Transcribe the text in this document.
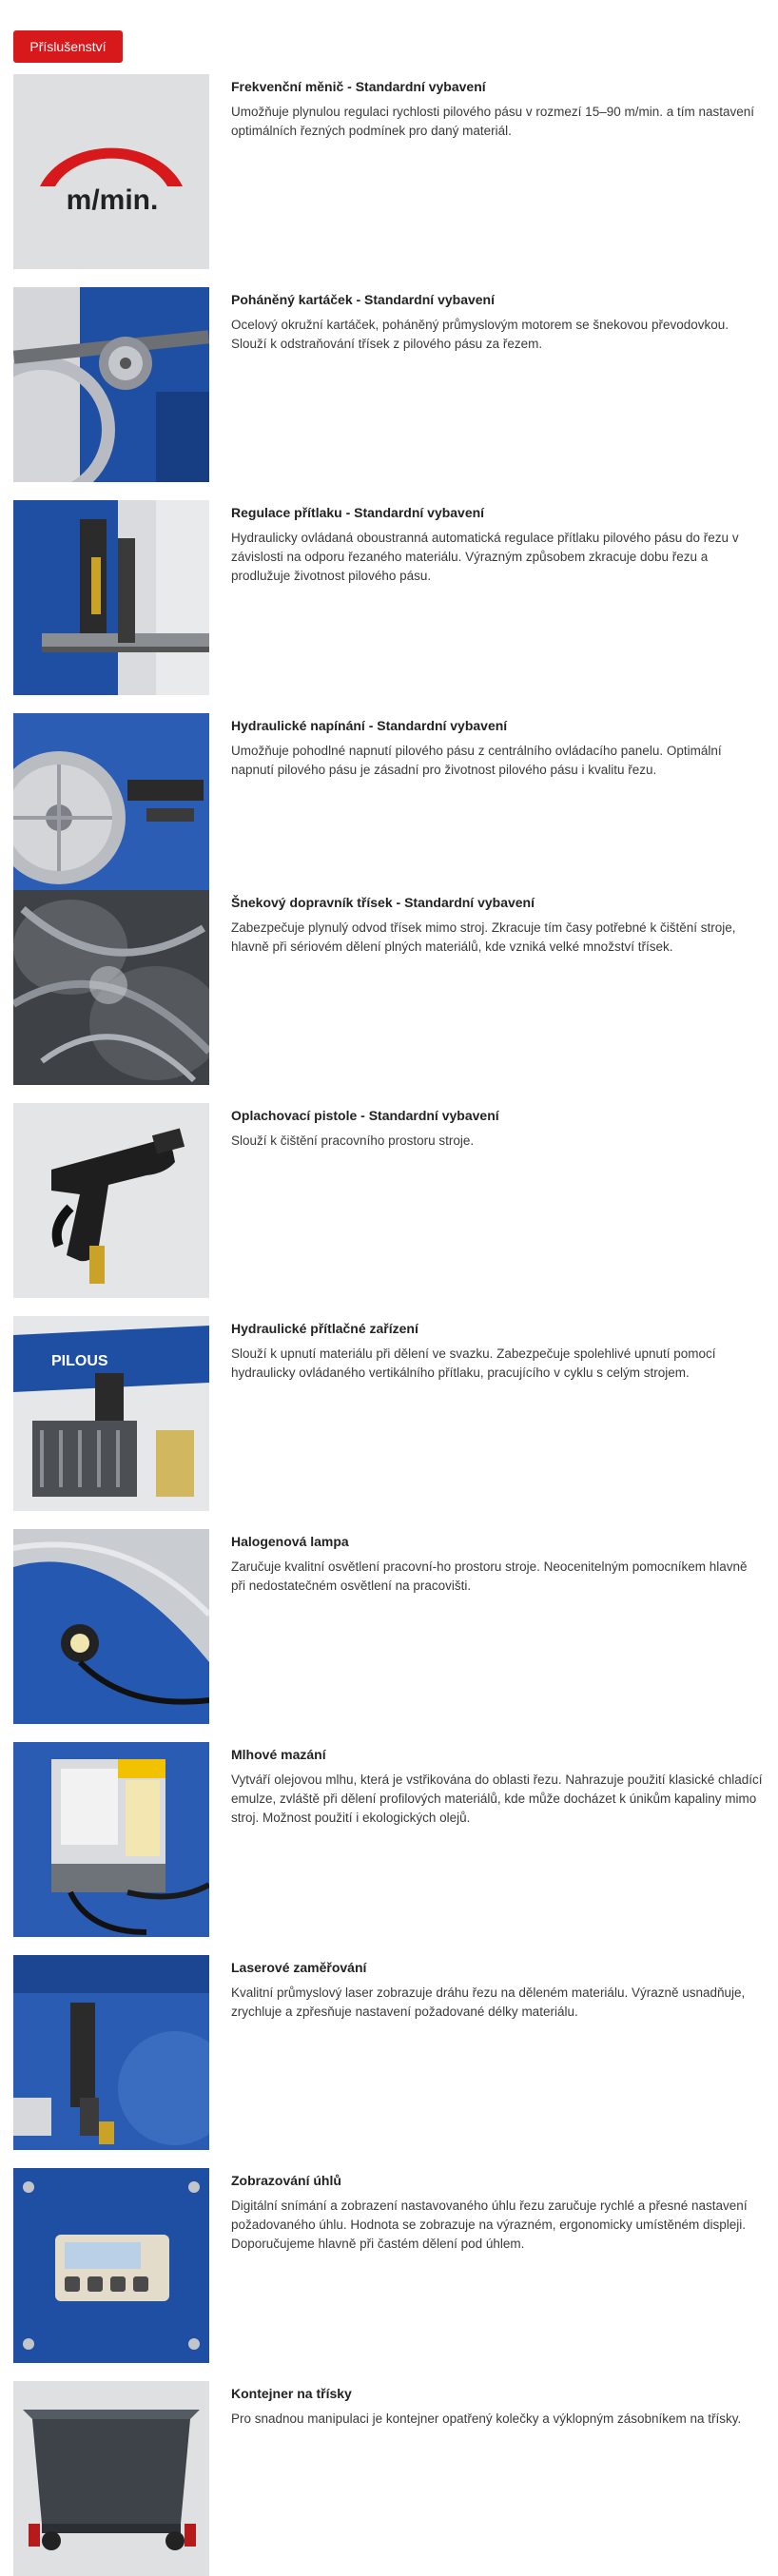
Příslušenství
m/min.
Frekvenční měnič - Standardní vybavení

Umožňuje plynulou regulaci rychlosti pilového pásu v rozmezí 15–90 m/min. a tím nastavení optimálních řezných podmínek pro daný materiál.

Poháněný kartáček - Standardní vybavení

Ocelový okružní kartáček, poháněný průmyslovým motorem se šnekovou převodovkou. Slouží k odstraňování třísek z pilového pásu za řezem.

Regulace přítlaku - Standardní vybavení

Hydraulicky ovládaná oboustranná automatická regulace přítlaku pilového pásu do řezu v závislosti na odporu řezaného materiálu. Výrazným způsobem zkracuje dobu řezu a prodlužuje životnost pilového pásu.

Hydraulické napínání - Standardní vybavení

Umožňuje pohodlné napnutí pilového pásu z centrálního ovládacího panelu. Optimální napnutí pilového pásu je zásadní pro životnost pilového pásu i kvalitu řezu.

Šnekový dopravník třísek - Standardní vybavení

Zabezpečuje plynulý odvod třísek mimo stroj. Zkracuje tím časy potřebné k čištění stroje, hlavně při sériovém dělení plných materiálů, kde vzniká velké množství třísek.

Oplachovací pistole - Standardní vybavení

Slouží k čištění pracovního prostoru stroje.

PILOUS
Hydraulické přítlačné zařízení

Slouží k upnutí materiálu při dělení ve svazku. Zabezpečuje spolehlivé upnutí pomocí hydraulicky ovládaného vertikálního přítlaku, pracujícího v cyklu s celým strojem.

Halogenová lampa

Zaručuje kvalitní osvětlení pracovní-ho prostoru stroje. Neocenitelným pomocníkem hlavně při nedostatečném osvětlení na pracovišti.

Mlhové mazání

Vytváří olejovou mlhu, která je vstřikována do oblasti řezu. Nahrazuje použití klasické chladící emulze, zvláště při dělení profilových materiálů, kde může docházet k únikům kapaliny mimo stroj. Možnost použití i ekologických olejů.

Laserové zaměřování

Kvalitní průmyslový laser zobrazuje dráhu řezu na děleném materiálu. Výrazně usnadňuje, zrychluje a zpřesňuje nastavení požadované délky materiálu.

Zobrazování úhlů

Digitální snímání a zobrazení nastavovaného úhlu řezu zaručuje rychlé a přesné nastavení požadovaného úhlu. Hodnota se zobrazuje na výrazném, ergonomicky umístěném displeji. Doporučujeme hlavně při častém dělení pod úhlem.

Kontejner na třísky

Pro snadnou manipulaci je kontejner opatřený kolečky a výklopným zásobníkem na třísky.
